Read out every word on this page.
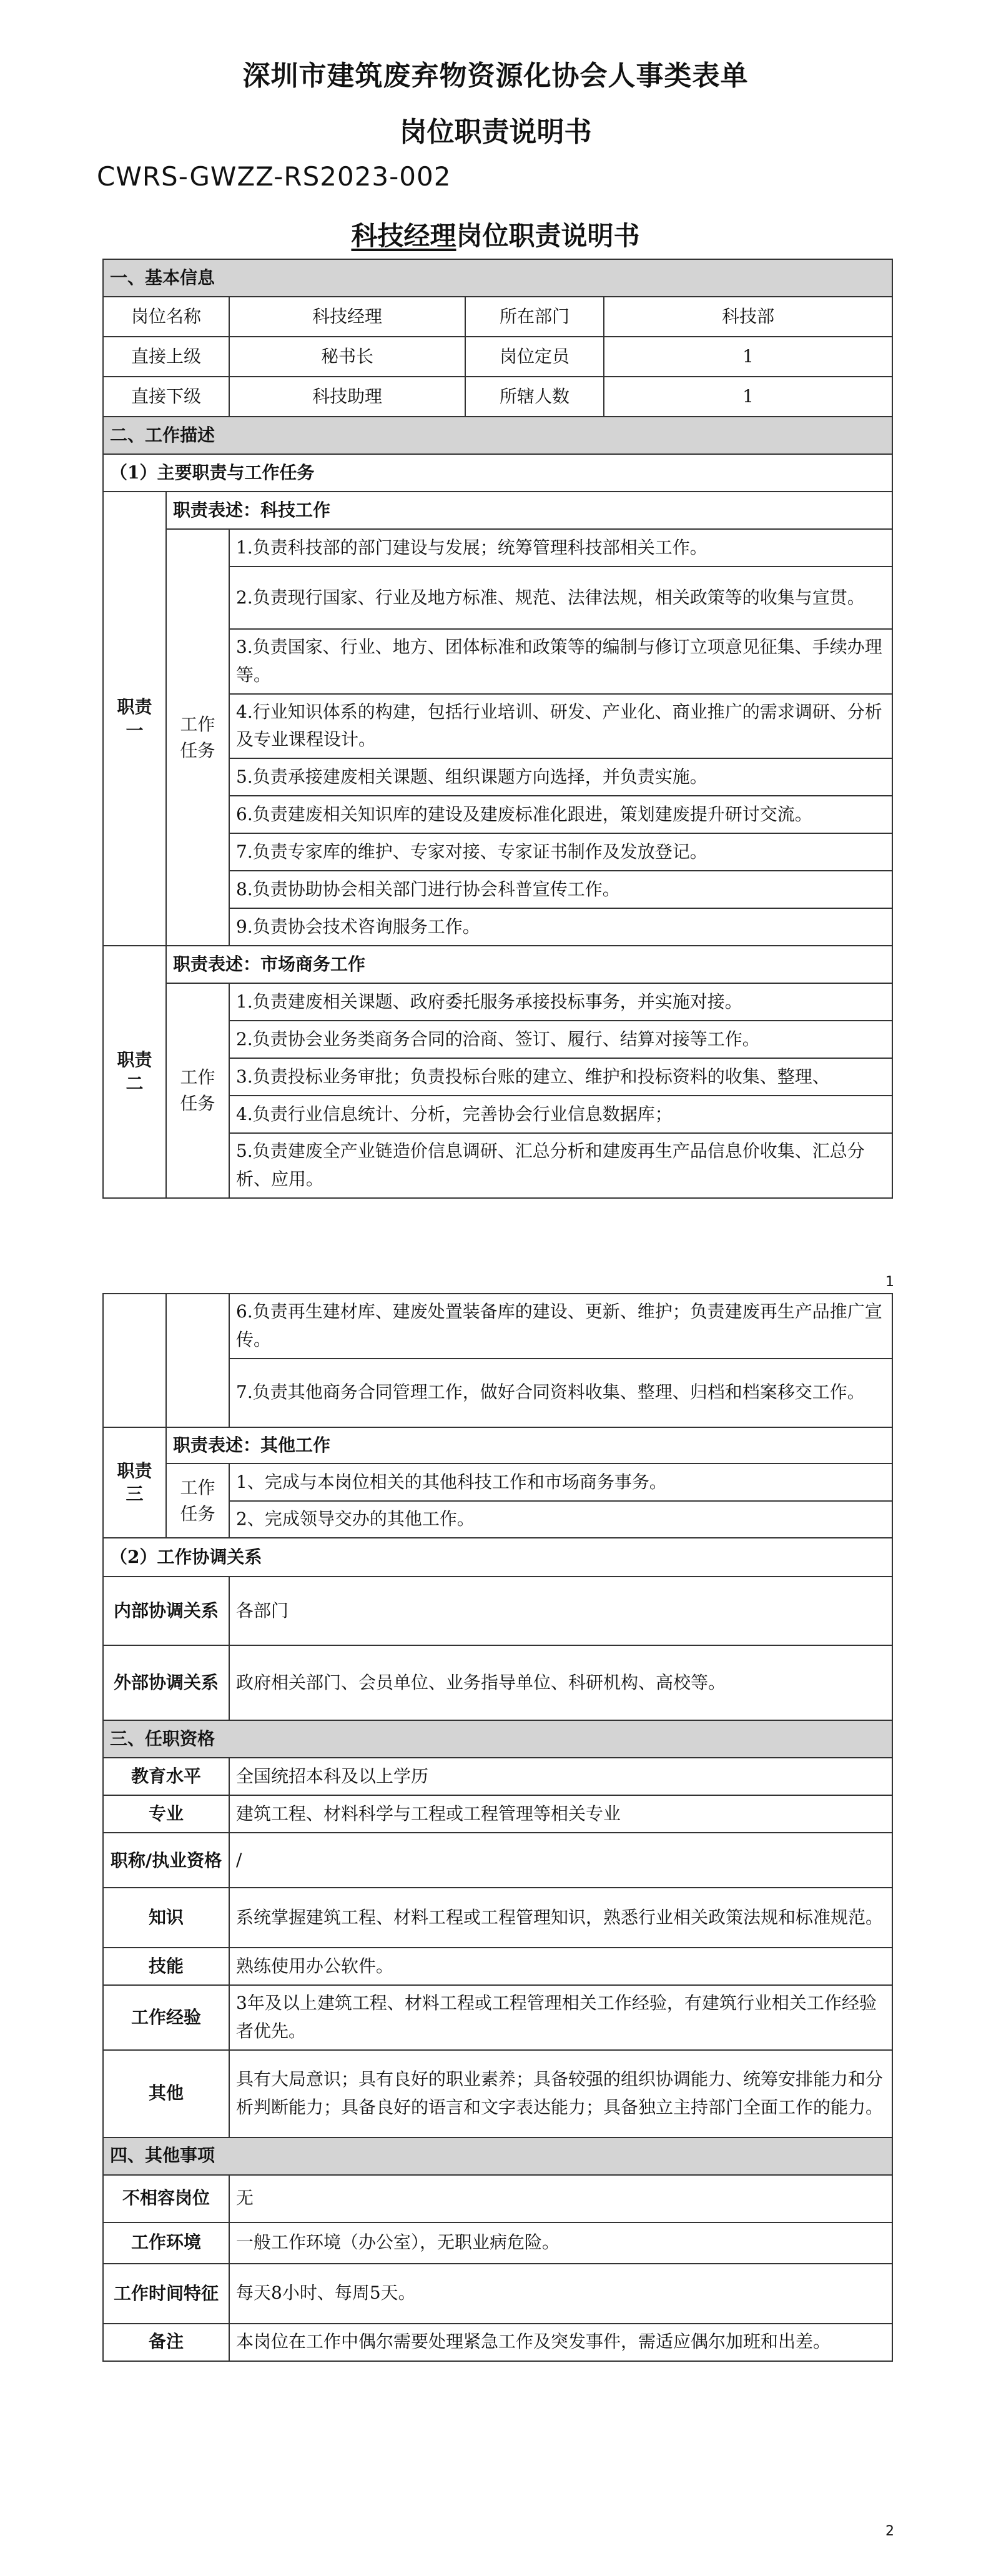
深圳市建筑废弃物资源化协会人事类表单
岗位职责说明书
CWRS-GWZZ-RS2023-002
科技经理岗位职责说明书
一、基本信息				
岗位名称		科技经理	所在部门	科技部
直接上级		秘书长	岗位定员	1
直接下级		科技助理	所辖人数	1
二、工作描述				
（1）主要职责与工作任务				
职责一	职责表述：科技工作			
	工作任务	1.负责科技部的部门建设与发展；统筹管理科技部相关工作。		
		2.负责现行国家、行业及地方标准、规范、法律法规，相关政策等的收集与宣贯。		
		3.负责国家、行业、地方、团体标准和政策等的编制与修订立项意见征集、手续办理等。		
		4.行业知识体系的构建，包括行业培训、研发、产业化、商业推广的需求调研、分析及专业课程设计。		
		5.负责承接建废相关课题、组织课题方向选择，并负责实施。		
		6.负责建废相关知识库的建设及建废标准化跟进，策划建废提升研讨交流。		
		7.负责专家库的维护、专家对接、专家证书制作及发放登记。		
		8.负责协助协会相关部门进行协会科普宣传工作。		
		9.负责协会技术咨询服务工作。		
职责二	职责表述：市场商务工作			
	工作任务	1.负责建废相关课题、政府委托服务承接投标事务，并实施对接。		
		2.负责协会业务类商务合同的洽商、签订、履行、结算对接等工作。		
		3.负责投标业务审批；负责投标台账的建立、维护和投标资料的收集、整理、		
		4.负责行业信息统计、分析，完善协会行业信息数据库；		
		5.负责建废全产业链造价信息调研、汇总分析和建废再生产品信息价收集、汇总分析、应用。		
1
		6.负责再生建材库、建废处置装备库的建设、更新、维护；负责建废再生产品推广宣传。
		7.负责其他商务合同管理工作，做好合同资料收集、整理、归档和档案移交工作。
职责三	职责表述：其他工作	
	工作任务	1、完成与本岗位相关的其他科技工作和市场商务事务。
		2、完成领导交办的其他工作。
（2）工作协调关系		
内部协调关系		各部门
外部协调关系		政府相关部门、会员单位、业务指导单位、科研机构、高校等。
三、任职资格		
教育水平		全国统招本科及以上学历
专业		建筑工程、材料科学与工程或工程管理等相关专业
职称/执业资格		/
知识		系统掌握建筑工程、材料工程或工程管理知识，熟悉行业相关政策法规和标准规范。
技能		熟练使用办公软件。
工作经验		3年及以上建筑工程、材料工程或工程管理相关工作经验，有建筑行业相关工作经验者优先。
其他		具有大局意识；具有良好的职业素养；具备较强的组织协调能力、统筹安排能力和分析判断能力；具备良好的语言和文字表达能力；具备独立主持部门全面工作的能力。
四、其他事项		
不相容岗位		无
工作环境		一般工作环境（办公室），无职业病危险。
工作时间特征		每天8小时、每周5天。
备注		本岗位在工作中偶尔需要处理紧急工作及突发事件，需适应偶尔加班和出差。
2
